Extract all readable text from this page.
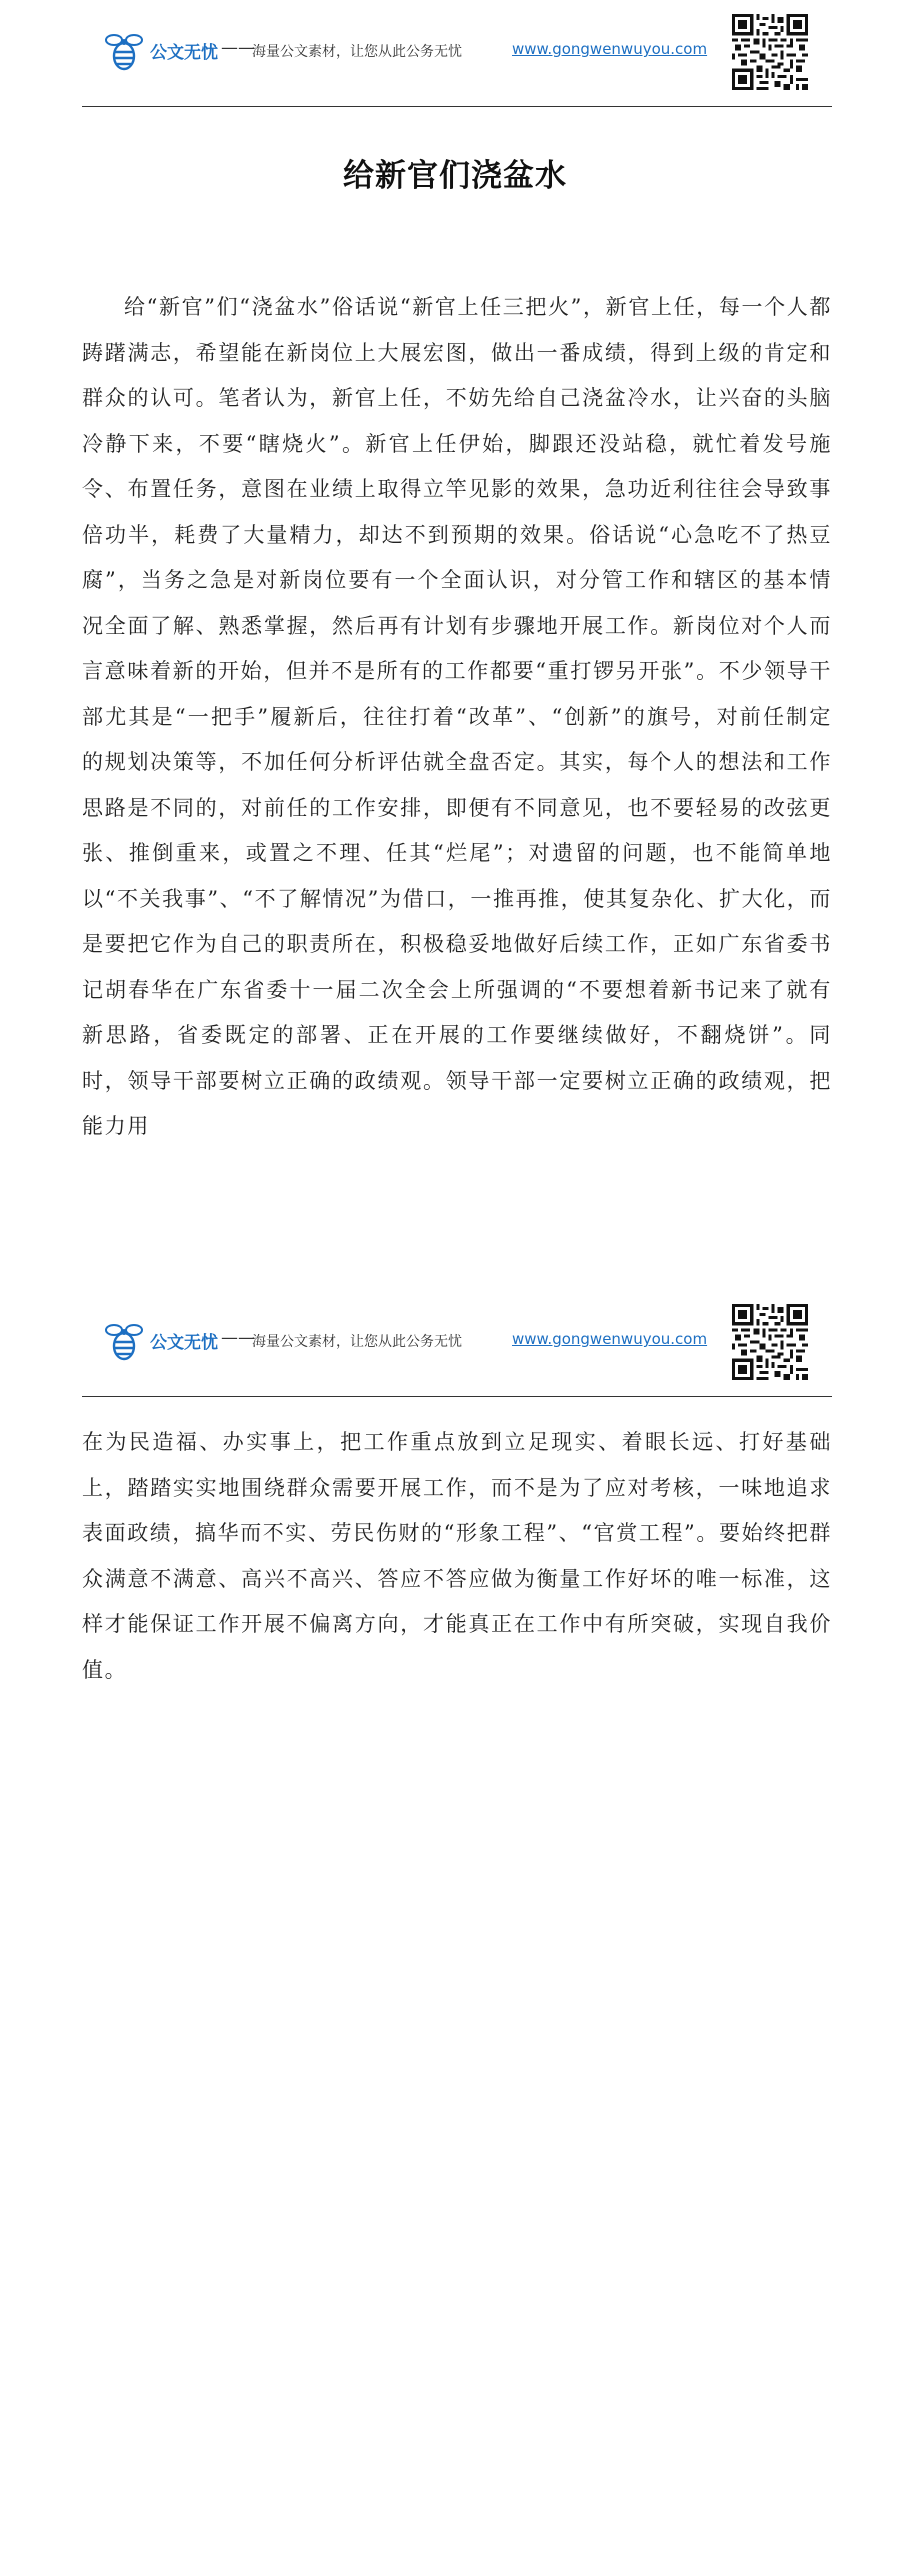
公文无忧 ——
海量公文素材，让您从此公务无忧	www.gongwenwuyou.com
给新官们浇盆水

给“新官”们“浇盆水”俗话说“新官上任三把火”，新官上任，每一个人都踌躇满志，希望能在新岗位上大展宏图，做出一番成绩，得到上级的肯定和群众的认可。笔者认为，新官上任，不妨先给自己浇盆冷水，让兴奋的头脑冷静下来，不要“瞎烧火”。新官上任伊始，脚跟还没站稳，就忙着发号施令、布置任务，意图在业绩上取得立竿见影的效果，急功近利往往会导致事倍功半，耗费了大量精力，却达不到预期的效果。俗话说“心急吃不了热豆腐”，当务之急是对新岗位要有一个全面认识，对分管工作和辖区的基本情况全面了解、熟悉掌握，然后再有计划有步骤地开展工作。新岗位对个人而言意味着新的开始，但并不是所有的工作都要“重打锣另开张”。不少领导干部尤其是“一把手”履新后，往往打着“改革”、“创新”的旗号，对前任制定的规划决策等，不加任何分析评估就全盘否定。其实，每个人的想法和工作思路是不同的，对前任的工作安排，即便有不同意见，也不要轻易的改弦更张、推倒重来，或置之不理、任其“烂尾”；对遗留的问题，也不能简单地以“不关我事”、“不了解情况”为借口，一推再推，使其复杂化、扩大化，而是要把它作为自己的职责所在，积极稳妥地做好后续工作，正如广东省委书记胡春华在广东省委十一届二次全会上所强调的“不要想着新书记来了就有新思路，省委既定的部署、正在开展的工作要继续做好，不翻烧饼”。同时，领导干部要树立正确的政绩观。领导干部一定要树立正确的政绩观，把能力用

公文无忧 ——
海量公文素材，让您从此公务无忧	www.gongwenwuyou.com

在为民造福、办实事上，把工作重点放到立足现实、着眼长远、打好基础上，踏踏实实地围绕群众需要开展工作，而不是为了应对考核，一味地追求表面政绩，搞华而不实、劳民伤财的“形象工程”、“官赏工程”。要始终把群众满意不满意、高兴不高兴、答应不答应做为衡量工作好坏的唯一标准，这样才能保证工作开展不偏离方向，才能真正在工作中有所突破，实现自我价值。
